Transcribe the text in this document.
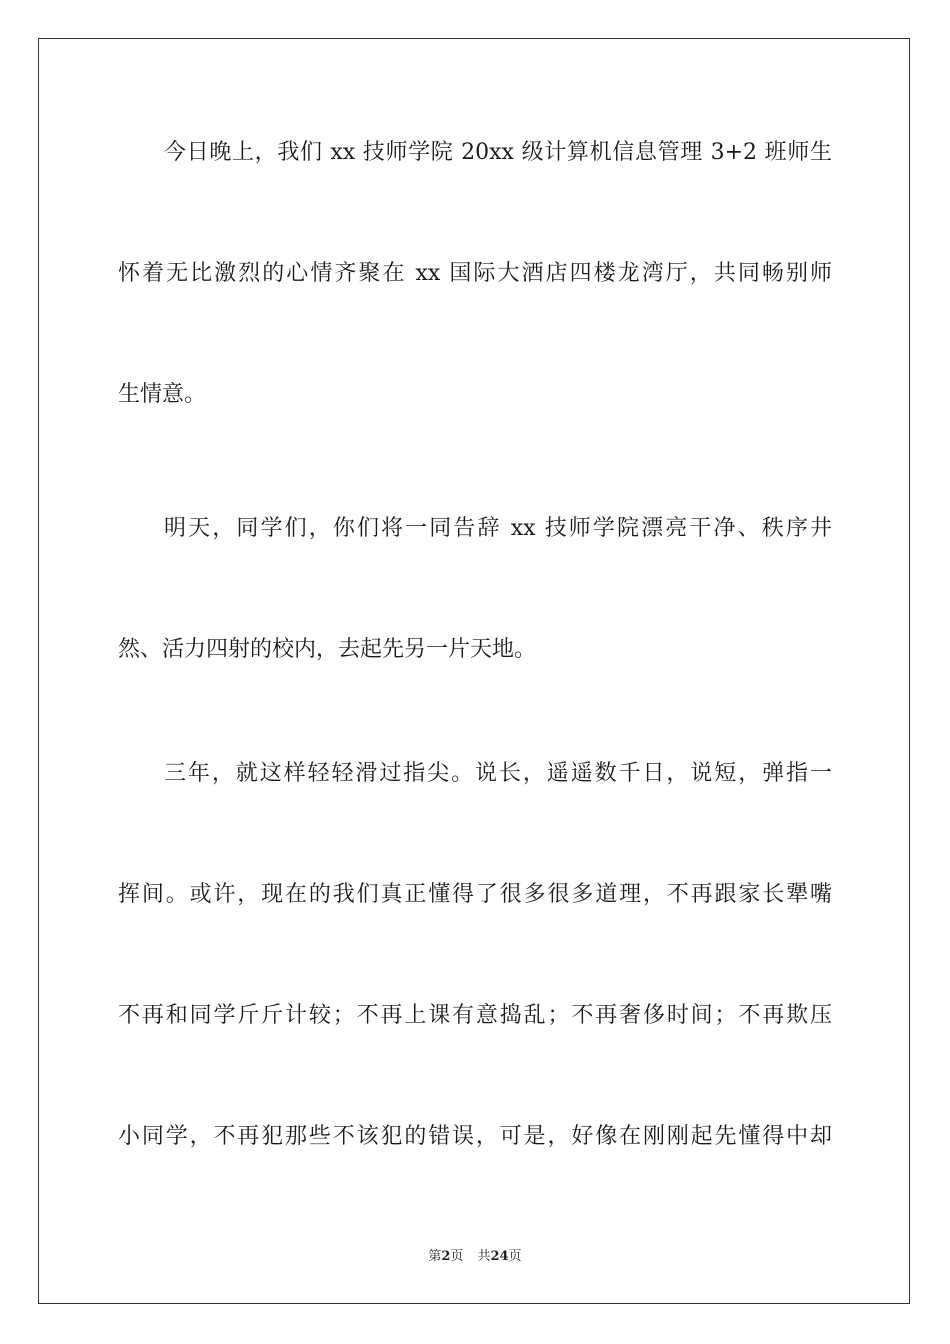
今日晚上，我们 xx 技师学院 20xx 级计算机信息管理 3+2 班师生
怀着无比激烈的心情齐聚在 xx 国际大酒店四楼龙湾厅，共同畅别师
生情意。
明天，同学们，你们将一同告辞 xx 技师学院漂亮干净、秩序井
然、活力四射的校内，去起先另一片天地。
三年，就这样轻轻滑过指尖。说长，遥遥数千日，说短，弹指一
挥间。或许，现在的我们真正懂得了很多很多道理，不再跟家长犟嘴
不再和同学斤斤计较；不再上课有意捣乱；不再奢侈时间；不再欺压
小同学，不再犯那些不该犯的错误，可是，好像在刚刚起先懂得中却
第2页 共24页
